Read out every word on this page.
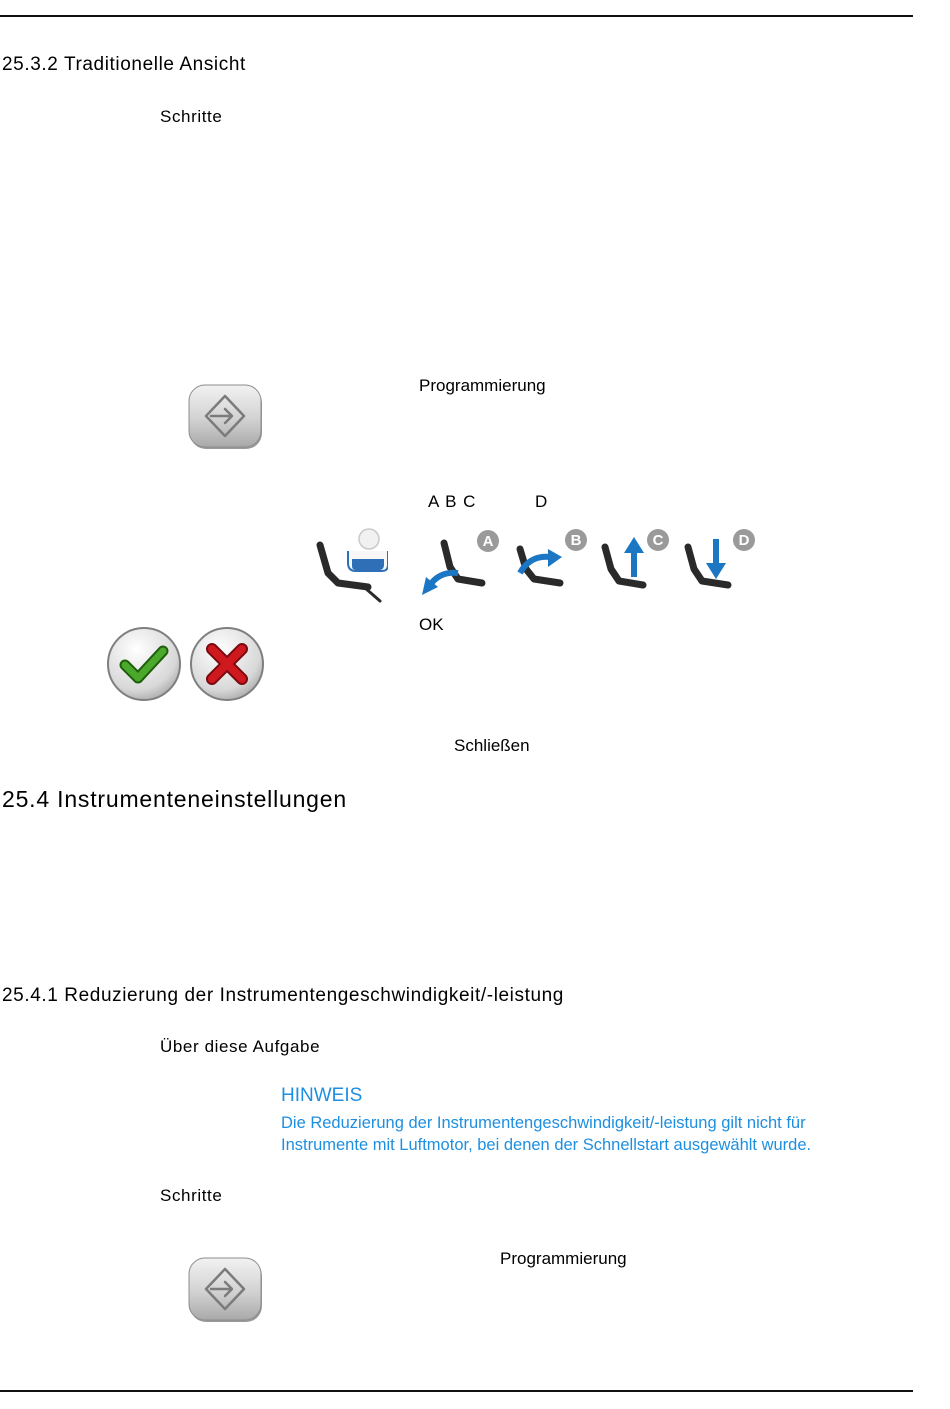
25.3.2 Traditionelle Ansicht
Schritte
Programmierung
A B C	D
A	B	C	D
OK
Schließen
25.4 Instrumenteneinstellungen
25.4.1 Reduzierung der Instrumentengeschwindigkeit/-leistung
Über diese Aufgabe
HINWEIS
Die Reduzierung der Instrumentengeschwindigkeit/-leistung gilt nicht für
Instrumente mit Luftmotor, bei denen der Schnellstart ausgewählt wurde.
Schritte
Programmierung
